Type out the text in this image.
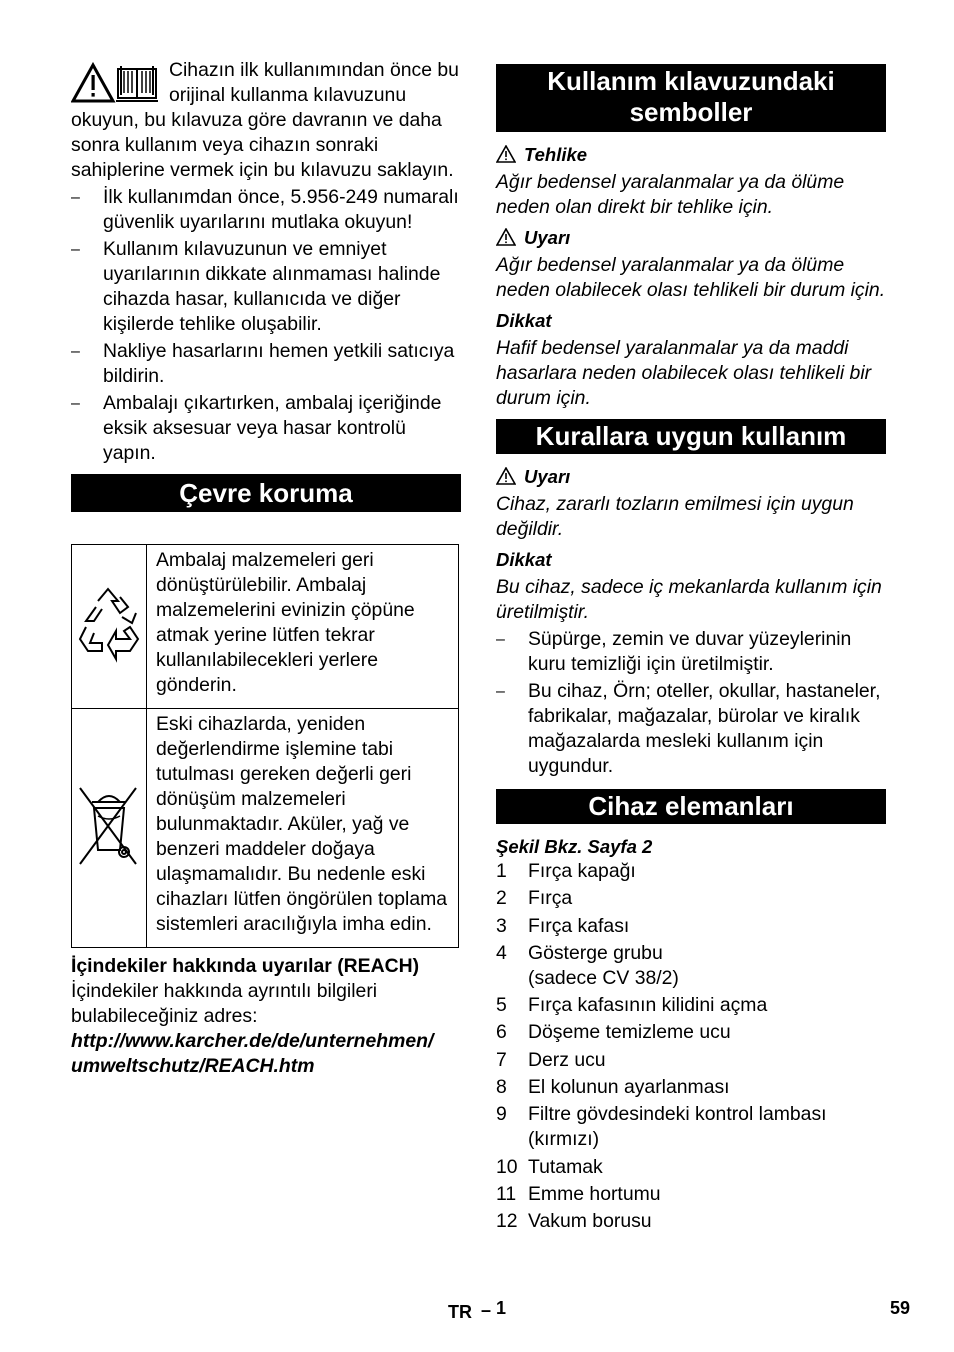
Cihazın ilk kullanımından önce bu orijinal kullanma kılavuzunu okuyun, bu kılavuza göre davranın ve daha sonra kullanım veya cihazın sonraki sahiplerine vermek için bu kılavuzu saklayın.

– İlk kullanımdan önce, 5.956-249 numaralı güvenlik uyarılarını mutlaka okuyun!
– Kullanım kılavuzunun ve emniyet uyarılarının dikkate alınmaması halinde cihazda hasar, kullanıcıda ve diğer kişilerde tehlike oluşabilir.
– Nakliye hasarlarını hemen yetkili satıcıya bildirin.
– Ambalajı çıkartırken, ambalaj içeriğinde eksik aksesuar veya hasar kontrolü yapın.
Çevre koruma
	Ambalaj malzemeleri geri dönüştürülebilir. Ambalaj malzemelerini evinizin çöpüne atmak yerine lütfen tekrar kullanılabilecekleri yerlere gönderin.
	Eski cihazlarda, yeniden değerlendirme işlemine tabi tutulması gereken değerli geri dönüşüm malzemeleri bulunmaktadır. Aküler, yağ ve benzeri maddeler doğaya ulaşmamalıdır. Bu nedenle eski cihazları lütfen öngörülen toplama sistemleri aracılığıyla imha edin.

İçindekiler hakkında uyarılar (REACH)

İçindekiler hakkında ayrıntılı bilgileri bulabileceğiniz adres:

http://www.karcher.de/de/unternehmen/ umweltschutz/REACH.htm

Kullanım kılavuzundaki semboller

Tehlike

Ağır bedensel yaralanmalar ya da ölüme neden olan direkt bir tehlike için.

Uyarı

Ağır bedensel yaralanmalar ya da ölüme neden olabilecek olası tehlikeli bir durum için.

Dikkat

Hafif bedensel yaralanmalar ya da maddi hasarlara neden olabilecek olası tehlikeli bir durum için.

Kurallara uygun kullanım

Uyarı

Cihaz, zararlı tozların emilmesi için uygun değildir.

Dikkat

Bu cihaz, sadece iç mekanlarda kullanım için üretilmiştir.

– Süpürge, zemin ve duvar yüzeylerinin kuru temizliği için üretilmiştir.
– Bu cihaz, Örn; oteller, okullar, hastaneler, fabrikalar, mağazalar, bürolar ve kiralık mağazalarda mesleki kullanım için uygundur.
Cihaz elemanları

Şekil Bkz. Sayfa 2

1 Fırça kapağı
2 Fırça
3 Fırça kafası
4 Gösterge grubu (sadece CV 38/2)
5 Fırça kafasının kilidini açma
6 Döşeme temizleme ucu
7 Derz ucu
8 El kolunun ayarlanması
9 Filtre gövdesindeki kontrol lambası (kırmızı)
10 Tutamak
11 Emme hortumu
12 Vakum borusu
TR – 1	59
